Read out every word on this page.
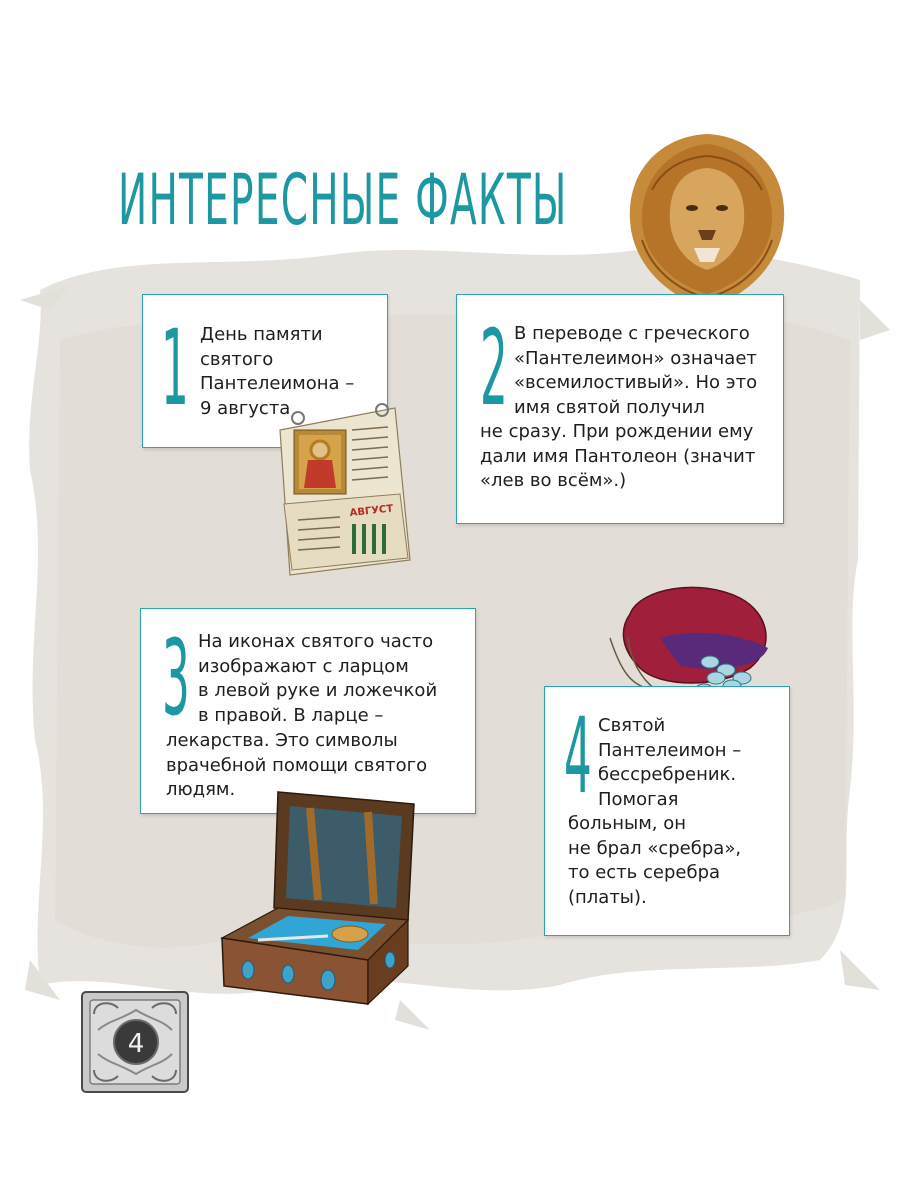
ИНТЕРЕСНЫЕ ФАКТЫ
1 День памяти
святого
Пантелеимона –
9 августа
АВГУСТ
2 В переводе с греческого
«Пантелеимон» означает
«всемилостивый». Но это
имя святой получил
не сразу. При рождении ему
дали имя Пантолеон (значит
«лев во всём».)
3 На иконах святого часто
изображают с ларцом
в левой руке и ложечкой
в правой. В ларце –
лекарства. Это символы
врачебной помощи святого
людям.	4 Святой
Пантелеимон –
бессребреник.
Помогая
больным, он
не брал «сребра»,
то есть серебра
(платы).
4
